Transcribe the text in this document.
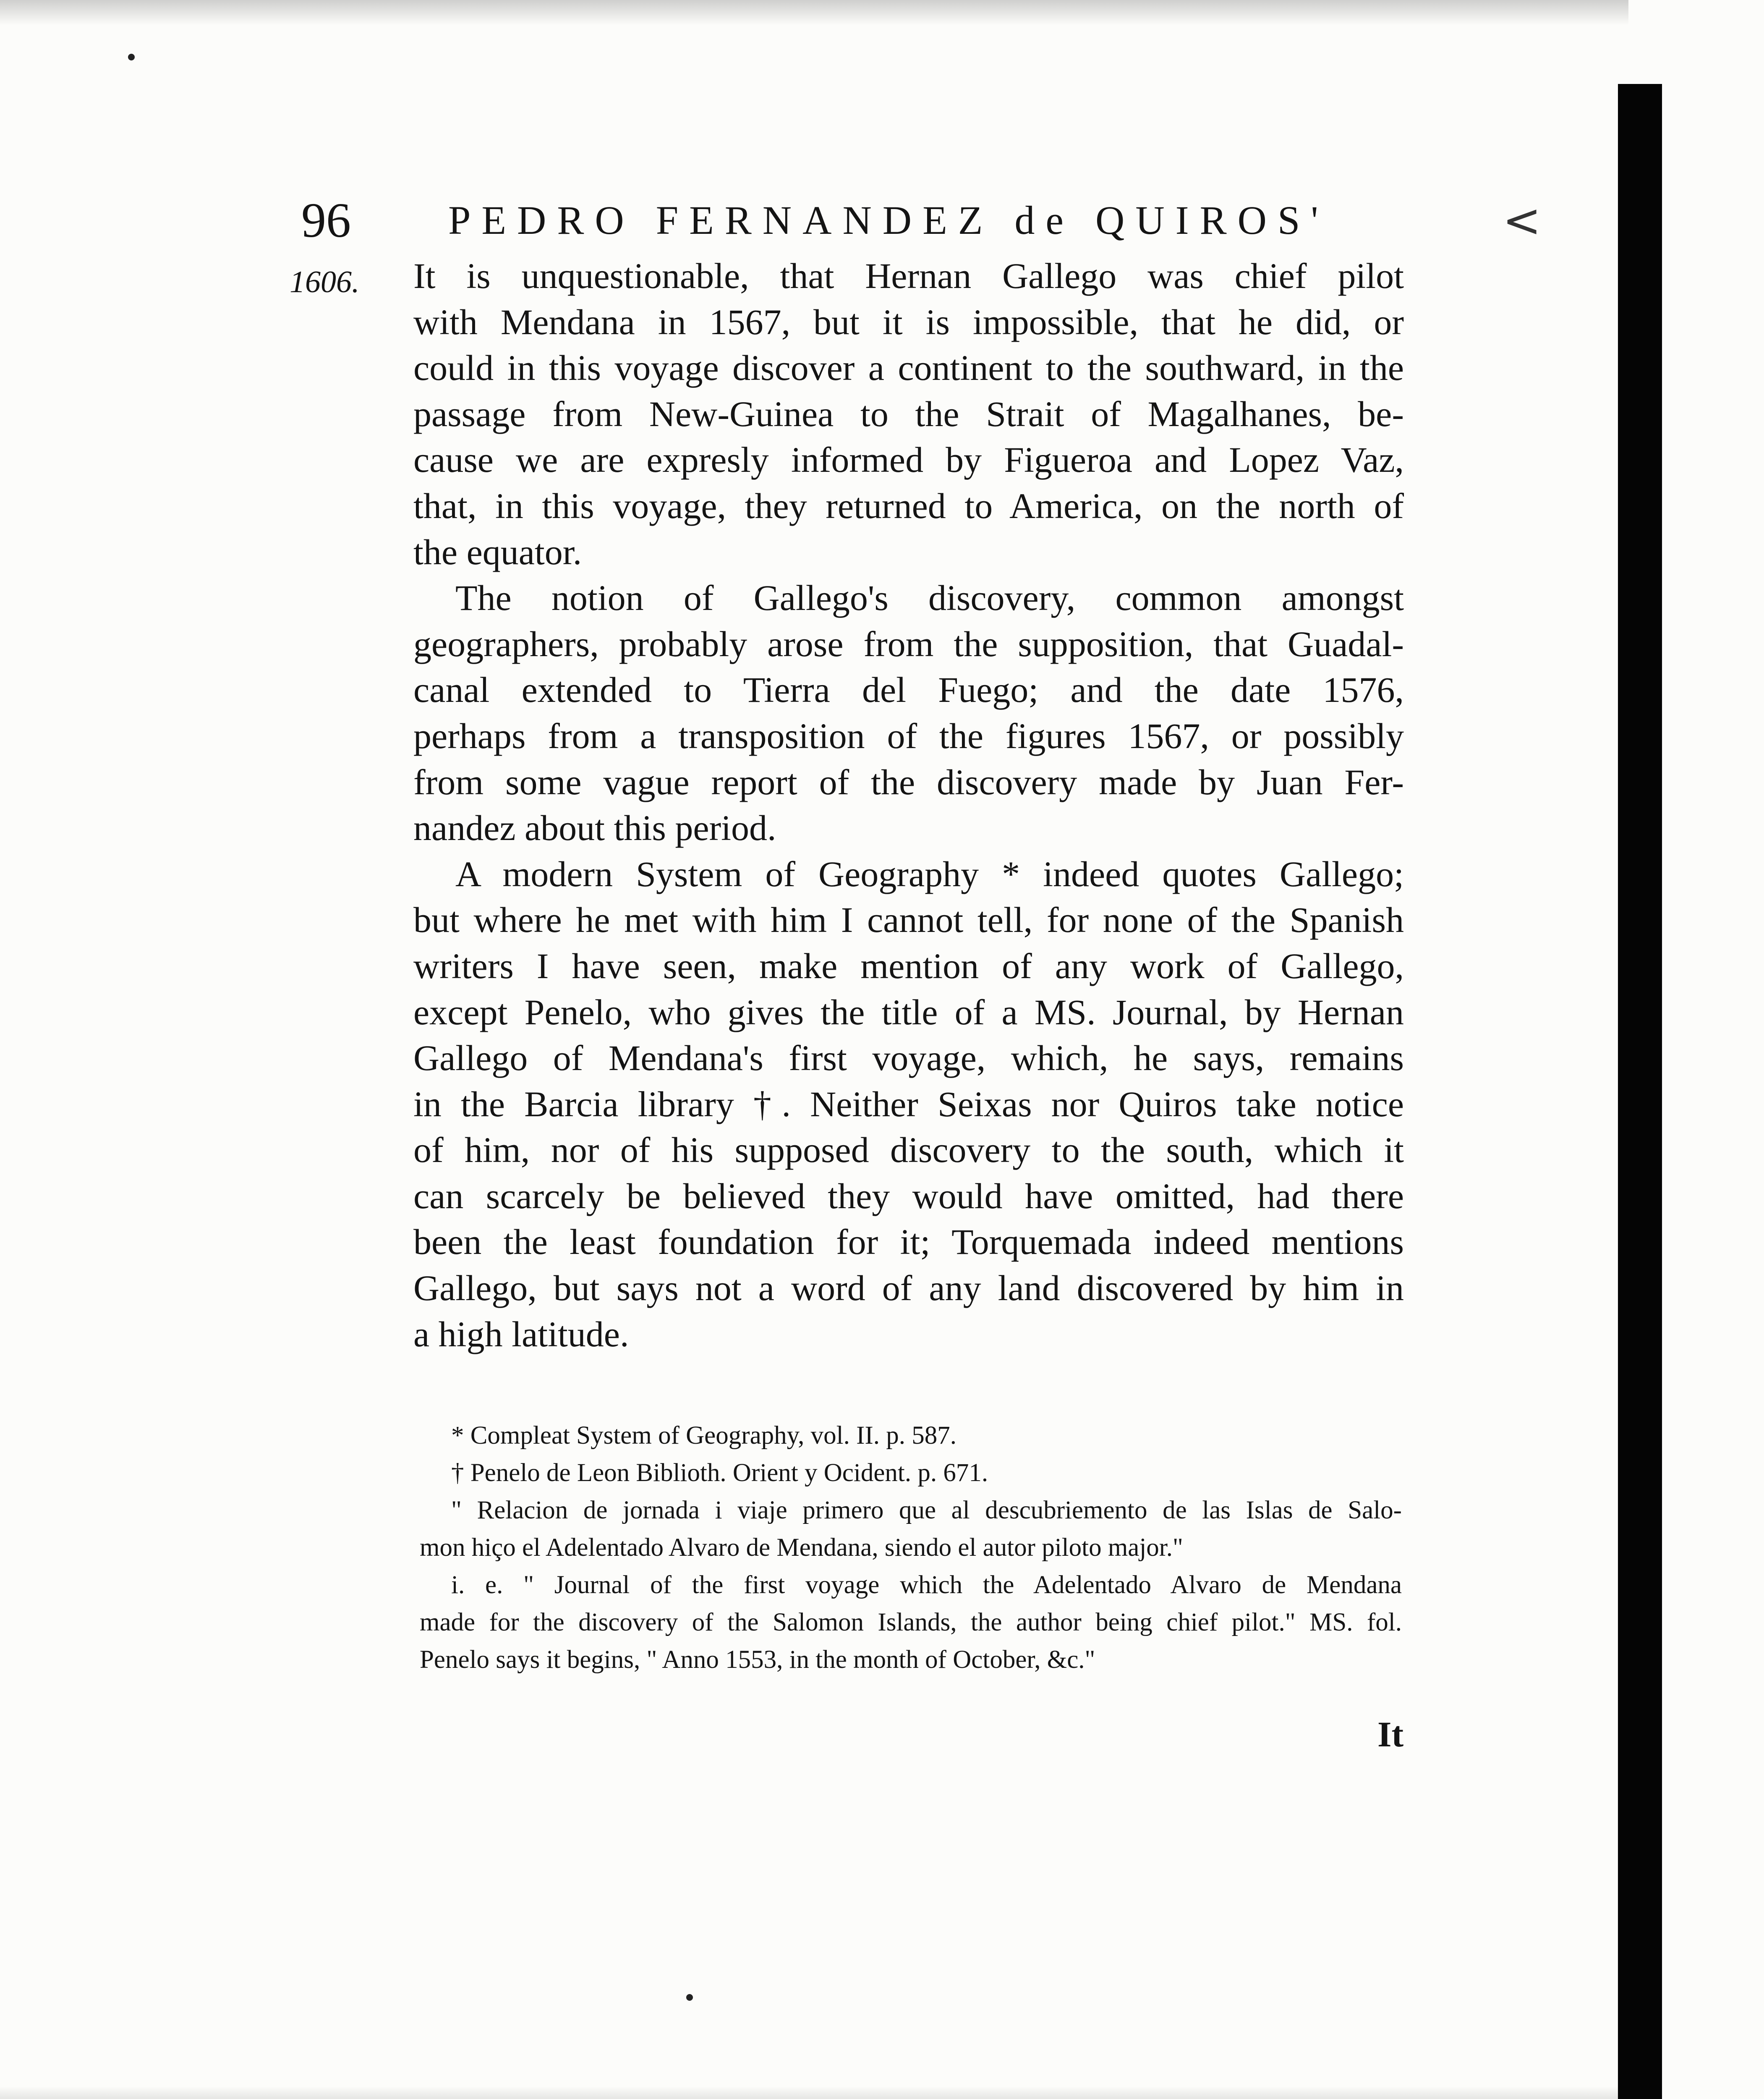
96 PEDRO FERNANDEZ de QUIROS'	<
1606. It is unquestionable, that Hernan Gallego was chief pilot
with Mendana in 1567, but it is impossible, that he did, or
could in this voyage discover a continent to the southward, in the
passage from New-Guinea to the Strait of Magalhanes, be-
cause we are expresly informed by Figueroa and Lopez Vaz,
that, in this voyage, they returned to America, on the north of
the equator.
The notion of Gallego's discovery, common amongst
geographers, probably arose from the supposition, that Guadal-
canal extended to Tierra del Fuego; and the date 1576,
perhaps from a transposition of the figures 1567, or possibly
from some vague report of the discovery made by Juan Fer-
nandez about this period.
A modern System of Geography * indeed quotes Gallego;
but where he met with him I cannot tell, for none of the Spanish
writers I have seen, make mention of any work of Gallego,
except Penelo, who gives the title of a MS. Journal, by Hernan
Gallego of Mendana's first voyage, which, he says, remains
in the Barcia library †. Neither Seixas nor Quiros take notice
of him, nor of his supposed discovery to the south, which it
can scarcely be believed they would have omitted, had there
been the least foundation for it; Torquemada indeed mentions
Gallego, but says not a word of any land discovered by him in
a high latitude.
* Compleat System of Geography, vol. II. p. 587.
† Penelo de Leon Biblioth. Orient y Ocident. p. 671.
" Relacion de jornada i viaje primero que al descubriemento de las Islas de Salo-
mon hiço el Adelentado Alvaro de Mendana, siendo el autor piloto major."
i. e. " Journal of the first voyage which the Adelentado Alvaro de Mendana
made for the discovery of the Salomon Islands, the author being chief pilot." MS. fol.
Penelo says it begins, " Anno 1553, in the month of October, &c."
It
